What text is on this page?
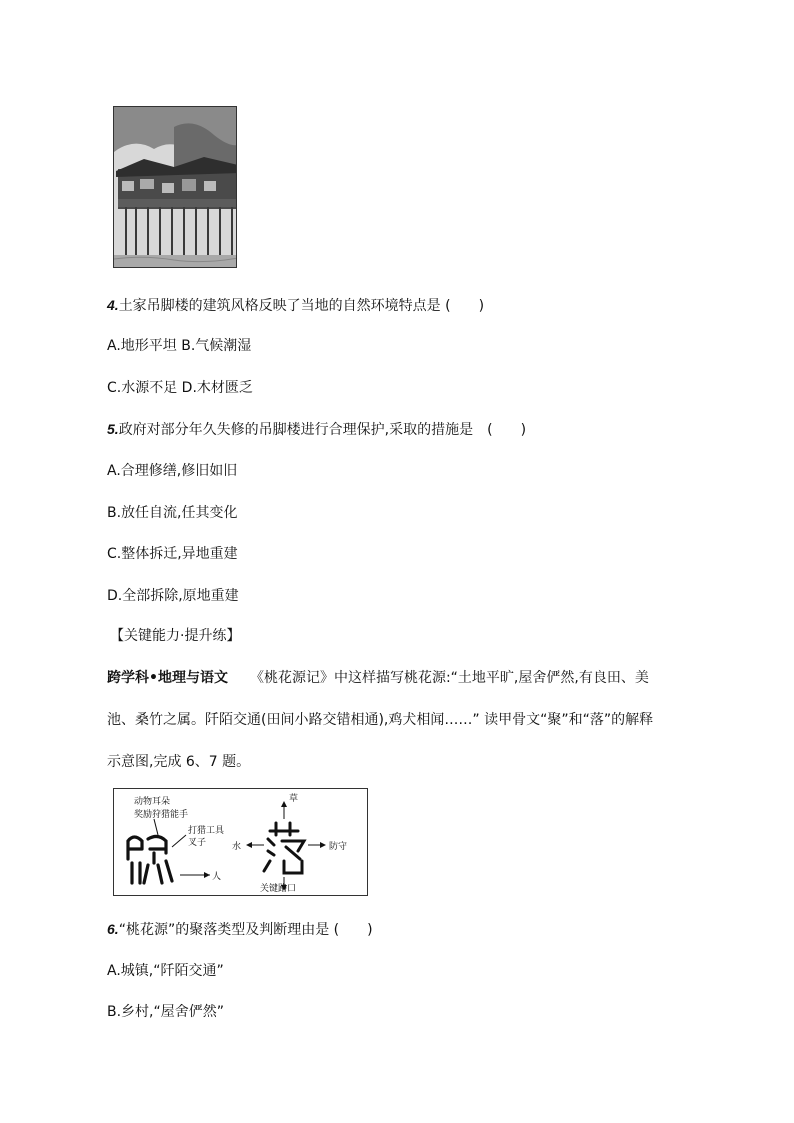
4.土家吊脚楼的建筑风格反映了当地的自然环境特点是 (　　)
A.地形平坦 B.气候潮湿
C.水源不足 D.木材匮乏
5.政府对部分年久失修的吊脚楼进行合理保护,采取的措施是　(　　)
A.合理修缮,修旧如旧
B.放任自流,任其变化
C.整体拆迁,异地重建
D.全部拆除,原地重建
【关键能力·提升练】
跨学科•地理与语文 《桃花源记》中这样描写桃花源:“土地平旷,屋舍俨然,有良田、美
池、桑竹之属。阡陌交通(田间小路交错相通),鸡犬相闻……” 读甲骨文“聚”和“落”的解释
示意图,完成 6、7 题。
动物耳朵
奖励狩猎能手
打猎工具
叉子
人
草
水	防守
关键路口
6.“桃花源”的聚落类型及判断理由是 (　　)
A.城镇,“阡陌交通”
B.乡村,“屋舍俨然”
